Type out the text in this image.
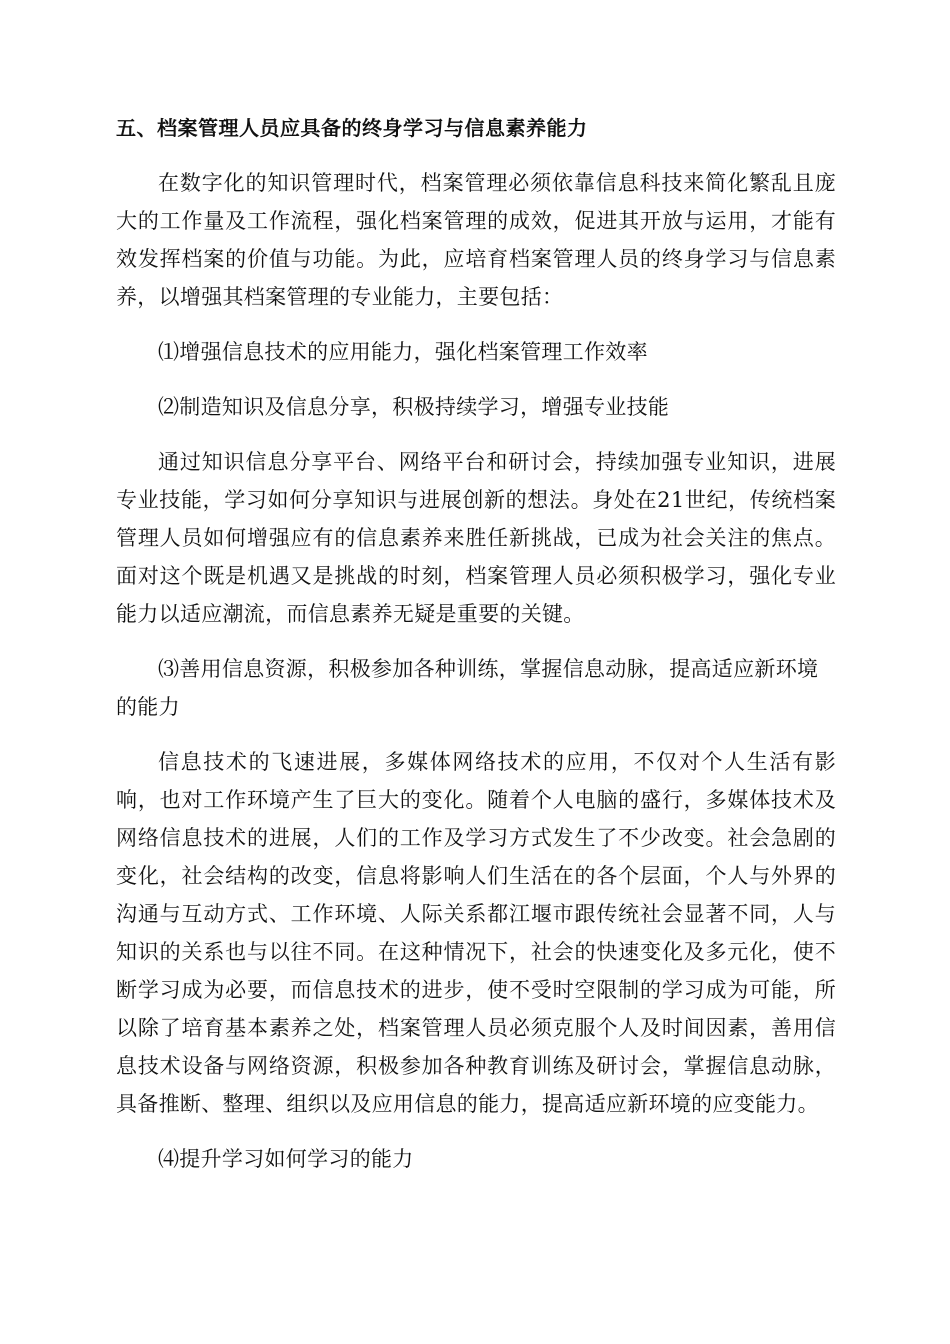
五、档案管理人员应具备的终身学习与信息素养能力

在数字化的知识管理时代，档案管理必须依靠信息科技来简化繁乱且庞大的工作量及工作流程，强化档案管理的成效，促进其开放与运用，才能有效发挥档案的价值与功能。为此，应培育档案管理人员的终身学习与信息素养，以增强其档案管理的专业能力，主要包括：

⑴增强信息技术的应用能力，强化档案管理工作效率

⑵制造知识及信息分享，积极持续学习，增强专业技能

通过知识信息分享平台、网络平台和研讨会，持续加强专业知识，进展专业技能，学习如何分享知识与进展创新的想法。身处在21世纪，传统档案管理人员如何增强应有的信息素养来胜任新挑战，已成为社会关注的焦点。面对这个既是机遇又是挑战的时刻，档案管理人员必须积极学习，强化专业能力以适应潮流，而信息素养无疑是重要的关键。

⑶善用信息资源，积极参加各种训练，掌握信息动脉，提高适应新环境的能力

信息技术的飞速进展，多媒体网络技术的应用，不仅对个人生活有影响，也对工作环境产生了巨大的变化。随着个人电脑的盛行，多媒体技术及网络信息技术的进展，人们的工作及学习方式发生了不少改变。社会急剧的变化，社会结构的改变，信息将影响人们生活在的各个层面，个人与外界的沟通与互动方式、工作环境、人际关系都江堰市跟传统社会显著不同，人与知识的关系也与以往不同。在这种情况下，社会的快速变化及多元化，使不断学习成为必要，而信息技术的进步，使不受时空限制的学习成为可能，所以除了培育基本素养之处，档案管理人员必须克服个人及时间因素，善用信息技术设备与网络资源，积极参加各种教育训练及研讨会，掌握信息动脉，具备推断、整理、组织以及应用信息的能力，提高适应新环境的应变能力。

⑷提升学习如何学习的能力
